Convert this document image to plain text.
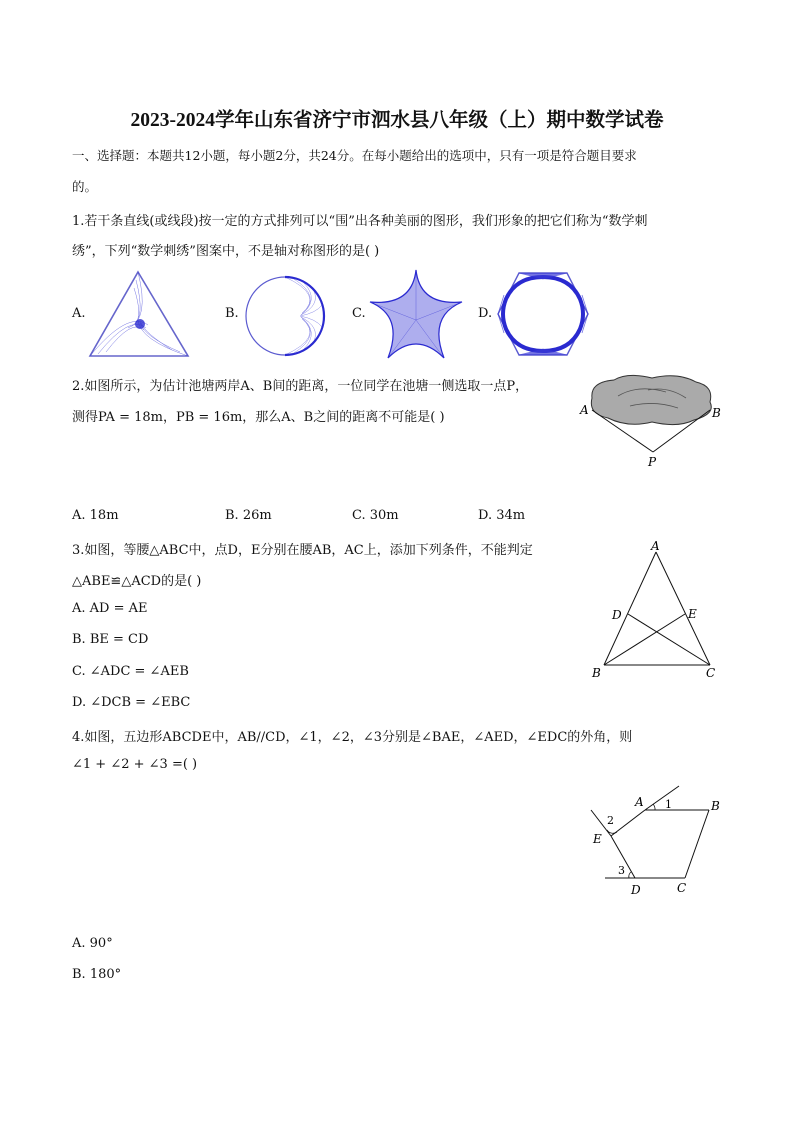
2023-2024学年山东省济宁市泗水县八年级（上）期中数学试卷
一、选择题：本题共12小题，每小题2分，共24分。在每小题给出的选项中，只有一项是符合题目要求
的。
1.若干条直线(或线段)按一定的方式排列可以“围”出各种美丽的图形，我们形象的把它们称为“数学刺
绣”，下列“数学刺绣”图案中，不是轴对称图形的是( )
A.	B.	C.	D.
2.如图所示，为估计池塘两岸A、B间的距离，一位同学在池塘一侧选取一点P，
测得PA = 18m，PB = 16m，那么A、B之间的距离不可能是( )	A	B
P
A. 18m	B. 26m	C. 30m	D. 34m
3.如图，等腰△ABC中，点D，E分别在腰AB，AC上，添加下列条件，不能判定
△ABE≌△ACD的是( )
A. AD = AE
B. BE = CD
C. ∠ADC = ∠AEB
D. ∠DCB = ∠EBC
A
D	E
B	C
4.如图，五边形ABCDE中，AB//CD，∠1，∠2，∠3分别是∠BAE，∠AED，∠EDC的外角，则
∠1 + ∠2 + ∠3 =( )
A	B
C
D
E
1
2
3
A. 90°
B. 180°
